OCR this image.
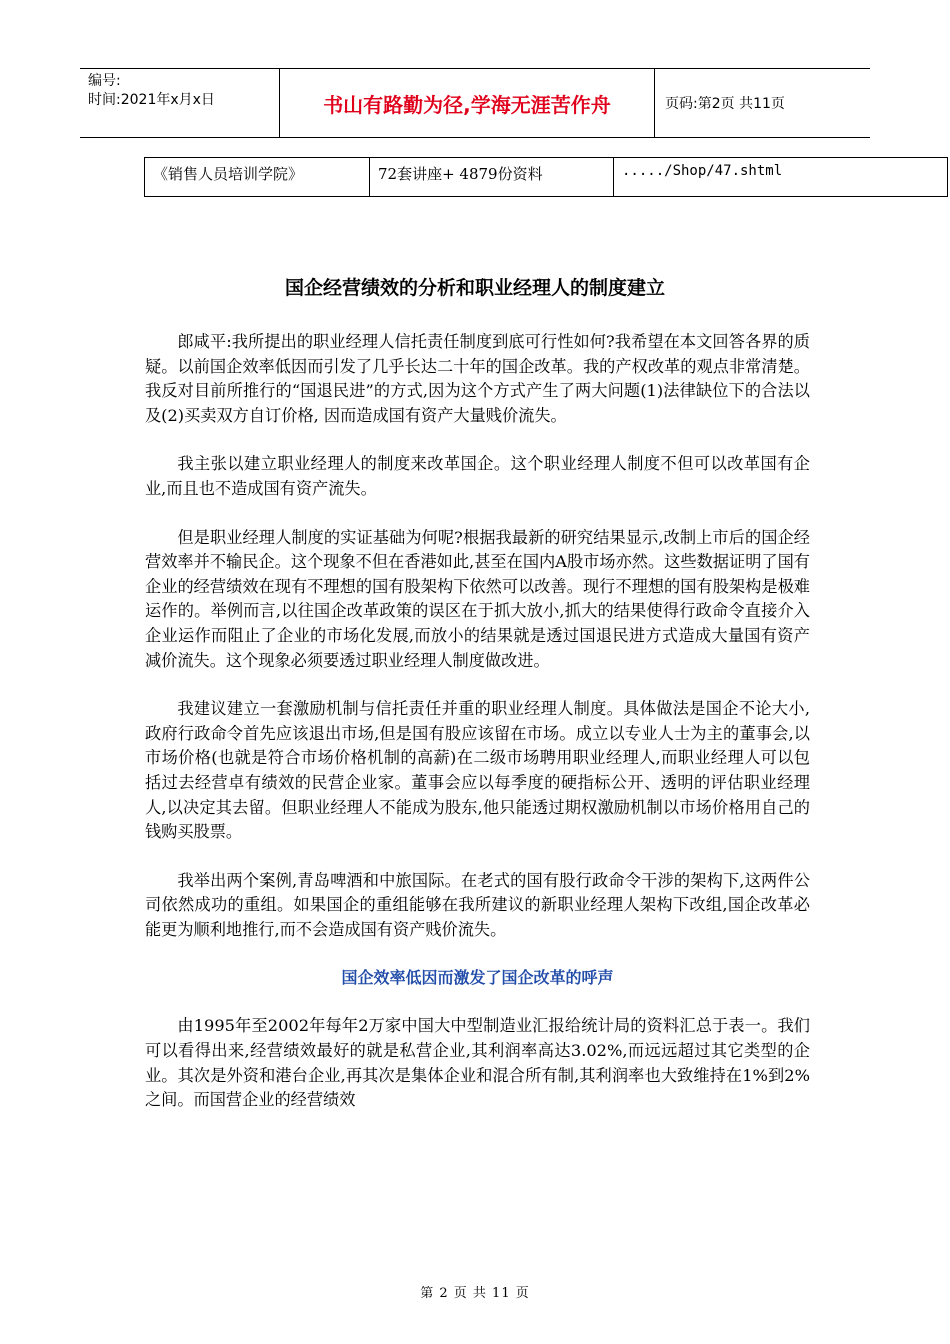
编号:
时间:2021年x月x日	书山有路勤为径,学海无涯苦作舟	页码:第2页 共11页
《销售人员培训学院》	72套讲座+ 4879份资料	...../Shop/47.shtml
国企经营绩效的分析和职业经理人的制度建立

郎咸平:我所提出的职业经理人信托责任制度到底可行性如何?我希望在本文回答各界的质疑。以前国企效率低因而引发了几乎长达二十年的国企改革。我的产权改革的观点非常清楚。我反对目前所推行的“国退民进”的方式,因为这个方式产生了两大问题(1)法律缺位下的合法以及(2)买卖双方自订价格, 因而造成国有资产大量贱价流失。

我主张以建立职业经理人的制度来改革国企。这个职业经理人制度不但可以改革国有企业,而且也不造成国有资产流失。

但是职业经理人制度的实证基础为何呢?根据我最新的研究结果显示,改制上市后的国企经营效率并不输民企。这个现象不但在香港如此,甚至在国内A股市场亦然。这些数据证明了国有企业的经营绩效在现有不理想的国有股架构下依然可以改善。现行不理想的国有股架构是极难运作的。举例而言,以往国企改革政策的误区在于抓大放小,抓大的结果使得行政命令直接介入企业运作而阻止了企业的市场化发展,而放小的结果就是透过国退民进方式造成大量国有资产减价流失。这个现象必须要透过职业经理人制度做改进。

我建议建立一套激励机制与信托责任并重的职业经理人制度。具体做法是国企不论大小,政府行政命令首先应该退出市场,但是国有股应该留在市场。成立以专业人士为主的董事会,以市场价格(也就是符合市场价格机制的高薪)在二级市场聘用职业经理人,而职业经理人可以包括过去经营卓有绩效的民营企业家。董事会应以每季度的硬指标公开、透明的评估职业经理人,以决定其去留。但职业经理人不能成为股东,他只能透过期权激励机制以市场价格用自己的钱购买股票。

我举出两个案例,青岛啤酒和中旅国际。在老式的国有股行政命令干涉的架构下,这两件公司依然成功的重组。如果国企的重组能够在我所建议的新职业经理人架构下改组,国企改革必能更为顺利地推行,而不会造成国有资产贱价流失。

国企效率低因而激发了国企改革的呼声

由1995年至2002年每年2万家中国大中型制造业汇报给统计局的资料汇总于表一。我们可以看得出来,经营绩效最好的就是私营企业,其利润率高达3.02%,而远远超过其它类型的企业。其次是外资和港台企业,再其次是集体企业和混合所有制,其利润率也大致维持在1%到2%之间。而国营企业的经营绩效

第 2 页 共 11 页
